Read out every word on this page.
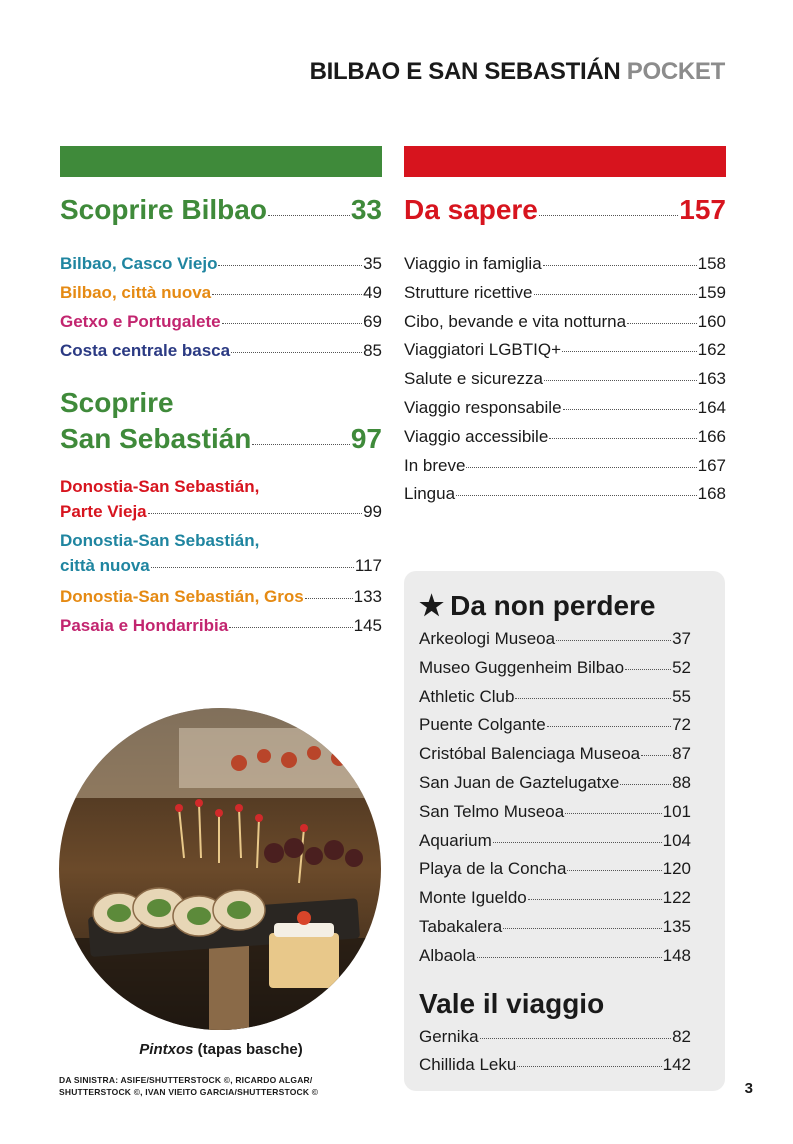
BILBAO E SAN SEBASTIÁN POCKET
Scoprire Bilbao	33
Bilbao, Casco Viejo	35
Bilbao, città nuova	49
Getxo e Portugalete	69
Costa centrale basca	85
Scoprire
San Sebastián	97
Donostia-San Sebastián,
Parte Vieja	99
Donostia-San Sebastián,
città nuova	117
Donostia-San Sebastián, Gros	133
Pasaia e Hondarribia	145
Pintxos (tapas basche)
DA SINISTRA: ASIFE/SHUTTERSTOCK ©, RICARDO ALGAR/
SHUTTERSTOCK ©, IVAN VIEITO GARCIA/SHUTTERSTOCK ©
Da sapere	157
Viaggio in famiglia	158
Strutture ricettive	159
Cibo, bevande e vita notturna	160
Viaggiatori LGBTIQ+	162
Salute e sicurezza	163
Viaggio responsabile	164
Viaggio accessibile	166
In breve	167
Lingua	168
★ Da non perdere
Arkeologi Museoa	37
Museo Guggenheim Bilbao	52
Athletic Club	55
Puente Colgante	72
Cristóbal Balenciaga Museoa 87
San Juan de Gaztelugatxe	88
San Telmo Museoa	101
Aquarium	104
Playa de la Concha	120
Monte Igueldo	122
Tabakalera	135
Albaola	148
Vale il viaggio
Gernika	82
Chillida Leku	142
3
